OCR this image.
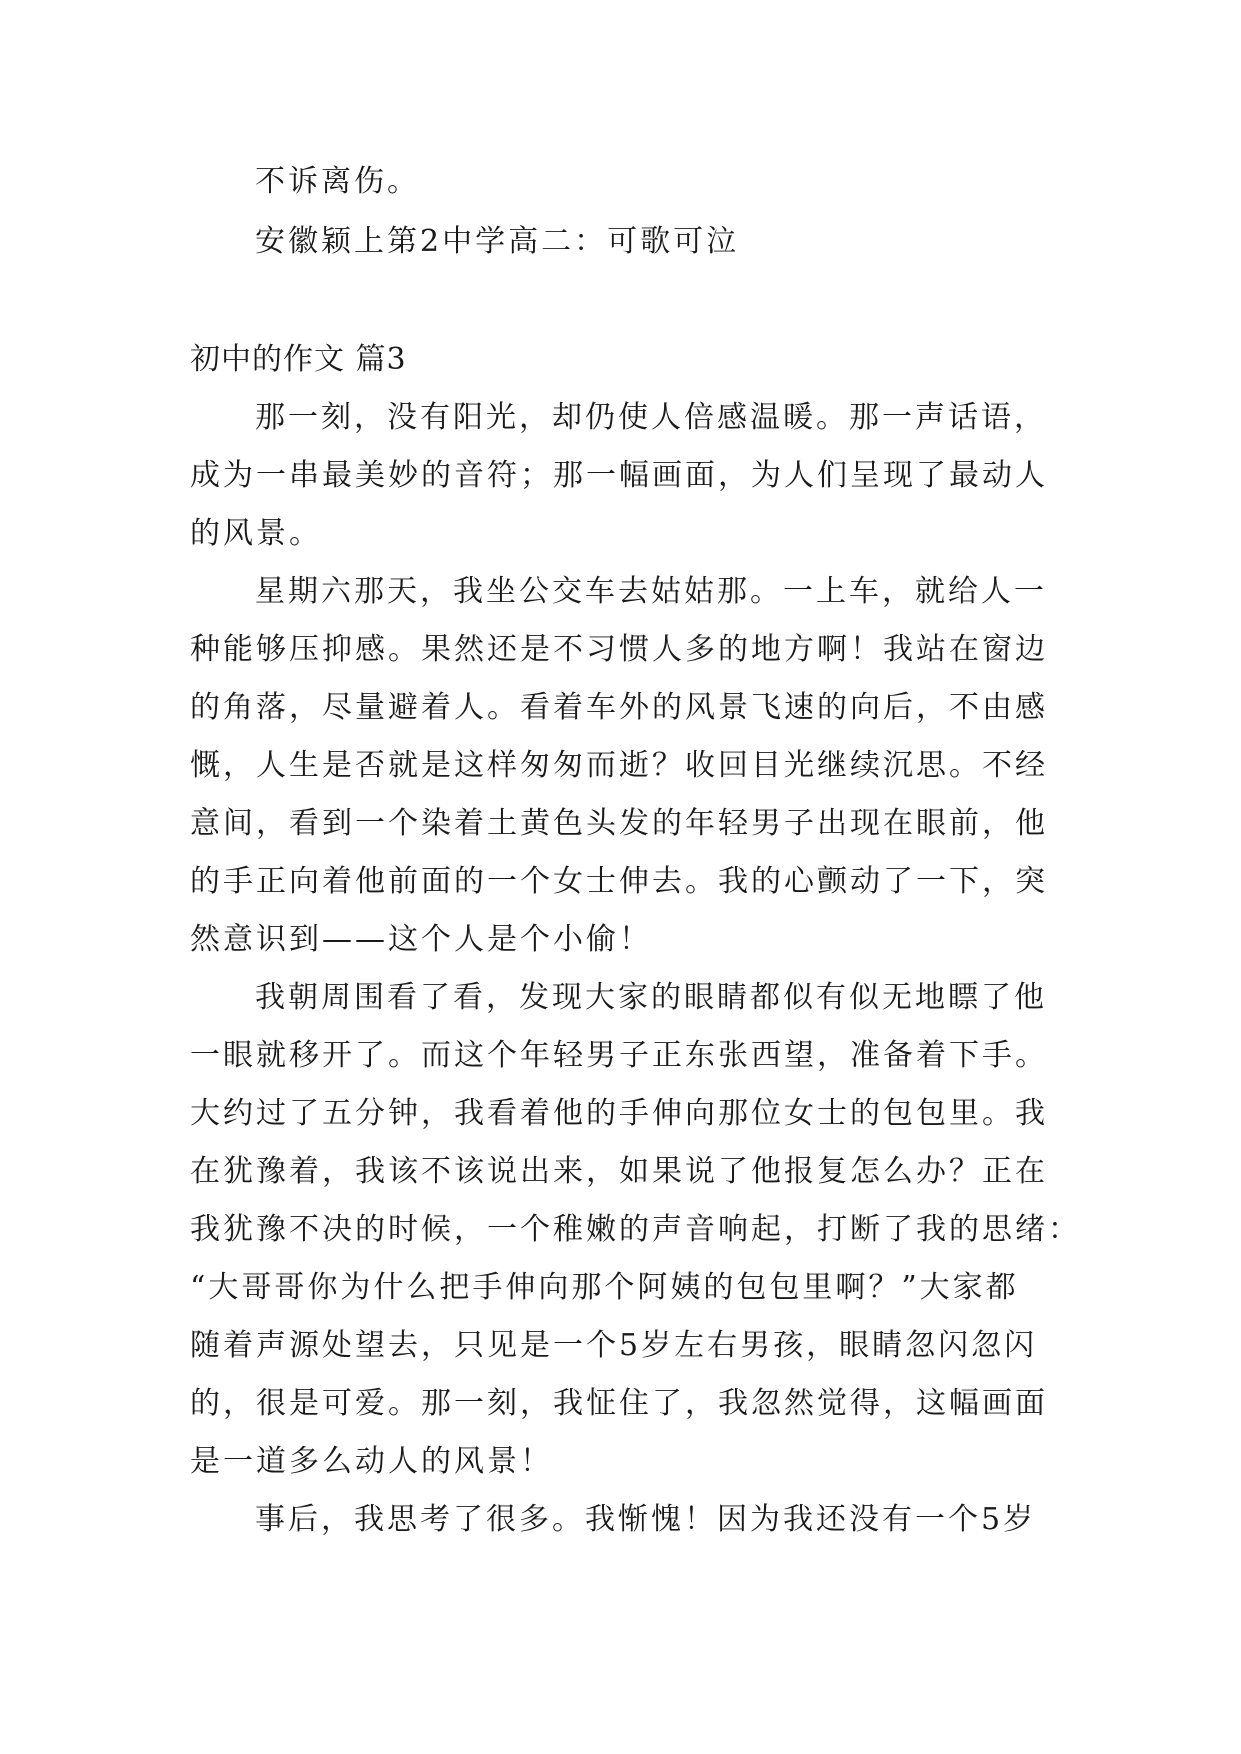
不诉离伤。
安徽颖上第2中学高二：可歌可泣
初中的作文 篇3
那一刻，没有阳光，却仍使人倍感温暖。那一声话语，
成为一串最美妙的音符；那一幅画面，为人们呈现了最动人
的风景。
星期六那天，我坐公交车去姑姑那。一上车，就给人一
种能够压抑感。果然还是不习惯人多的地方啊！我站在窗边
的角落，尽量避着人。看着车外的风景飞速的向后，不由感
慨，人生是否就是这样匆匆而逝？收回目光继续沉思。不经
意间，看到一个染着土黄色头发的年轻男子出现在眼前，他
的手正向着他前面的一个女士伸去。我的心颤动了一下，突
然意识到——这个人是个小偷！
我朝周围看了看，发现大家的眼睛都似有似无地瞟了他
一眼就移开了。而这个年轻男子正东张西望，准备着下手。
大约过了五分钟，我看着他的手伸向那位女士的包包里。我
在犹豫着，我该不该说出来，如果说了他报复怎么办？正在
我犹豫不决的时候，一个稚嫩的声音响起，打断了我的思绪：
“大哥哥你为什么把手伸向那个阿姨的包包里啊？”大家都
随着声源处望去，只见是一个5岁左右男孩，眼睛忽闪忽闪
的，很是可爱。那一刻，我怔住了，我忽然觉得，这幅画面
是一道多么动人的风景！
事后，我思考了很多。我惭愧！因为我还没有一个5岁
